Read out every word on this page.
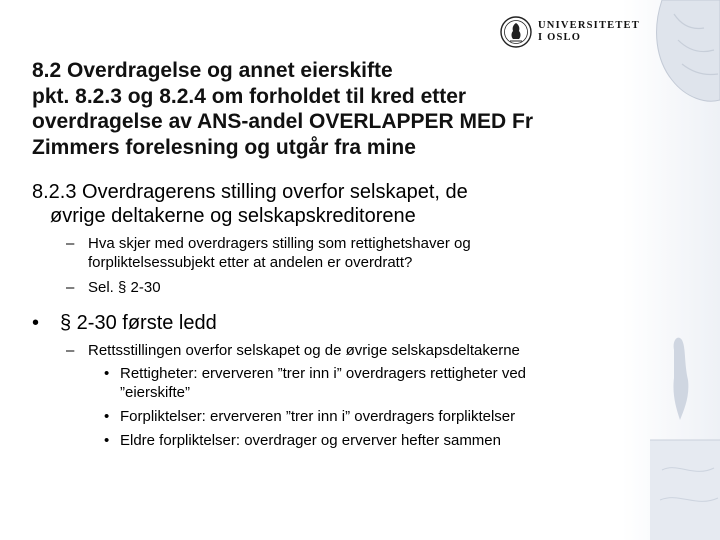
UNIVERSITETET
I OSLO
8.2 Overdragelse og annet eierskifte
pkt. 8.2.3 og 8.2.4 om forholdet til kred etter
overdragelse av ANS-andel OVERLAPPER MED Fr
Zimmers forelesning og utgår fra mine
8.2.3 Overdragerens stilling overfor selskapet, de
øvrige deltakerne og selskapskreditorene
– Hva skjer med overdragers stilling som rettighetshaver og
forpliktelsessubjekt etter at andelen er overdratt?
– Sel. § 2-30
• § 2-30 første ledd
– Rettsstillingen overfor selskapet og de øvrige selskapsdeltakerne
• Rettigheter: erververen ”trer inn i” overdragers rettigheter ved
”eierskifte”
• Forpliktelser: erververen ”trer inn i” overdragers forpliktelser
• Eldre forpliktelser: overdrager og erverver hefter sammen
